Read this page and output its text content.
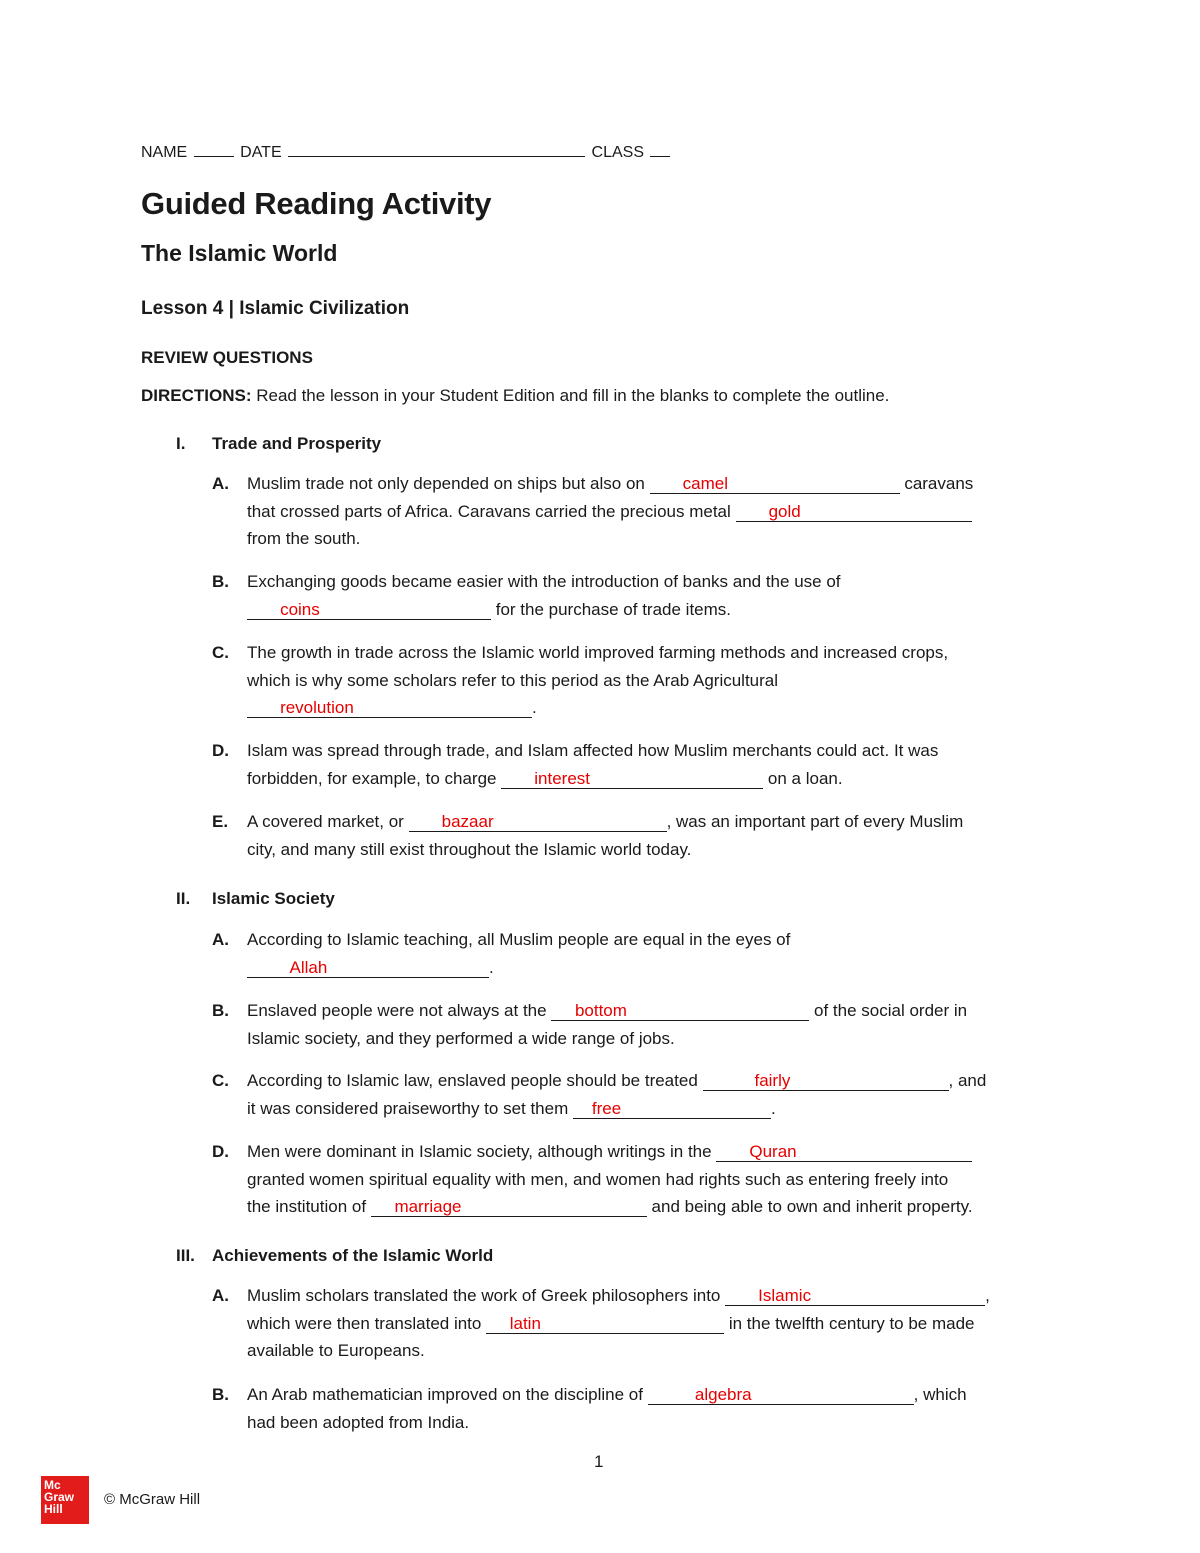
NAME	DATE	CLASS
Guided Reading Activity
The Islamic World
Lesson 4 | Islamic Civilization
REVIEW QUESTIONS
DIRECTIONS: Read the lesson in your Student Edition and fill in the blanks to complete the outline.
I. Trade and Prosperity
A. Muslim trade not only depended on ships but also on        camel	caravans
that crossed parts of Africa. Caravans carried the precious metal        gold
from the south.
B. Exchanging goods became easier with the introduction of banks and the use of
coins	for the purchase of trade items.
C. The growth in trade across the Islamic world improved farming methods and increased crops,
which is why some scholars refer to this period as the Arab Agricultural
revolution	.
D. Islam was spread through trade, and Islam affected how Muslim merchants could act. It was
forbidden, for example, to charge        interest	on a loan.
E. A covered market, or        bazaar	, was an important part of every Muslim
city, and many still exist throughout the Islamic world today.
II. Islamic Society
A. According to Islamic teaching, all Muslim people are equal in the eyes of
Allah	.
B. Enslaved people were not always at the      bottom	of the social order in
Islamic society, and they performed a wide range of jobs.
C. According to Islamic law, enslaved people should be treated	fairly	, and
it was considered praiseworthy to set them     free	.
D. Men were dominant in Islamic society, although writings in the        Quran
granted women spiritual equality with men, and women had rights such as entering freely into
the institution of      marriage	and being able to own and inherit property.
III. Achievements of the Islamic World
A. Muslim scholars translated the work of Greek philosophers into        Islamic	,
which were then translated into      latin	in the twelfth century to be made
available to Europeans.
B. An Arab mathematician improved on the discipline of	algebra	, which
had been adopted from India.
1
Mc
Graw
Hill
© McGraw Hill
